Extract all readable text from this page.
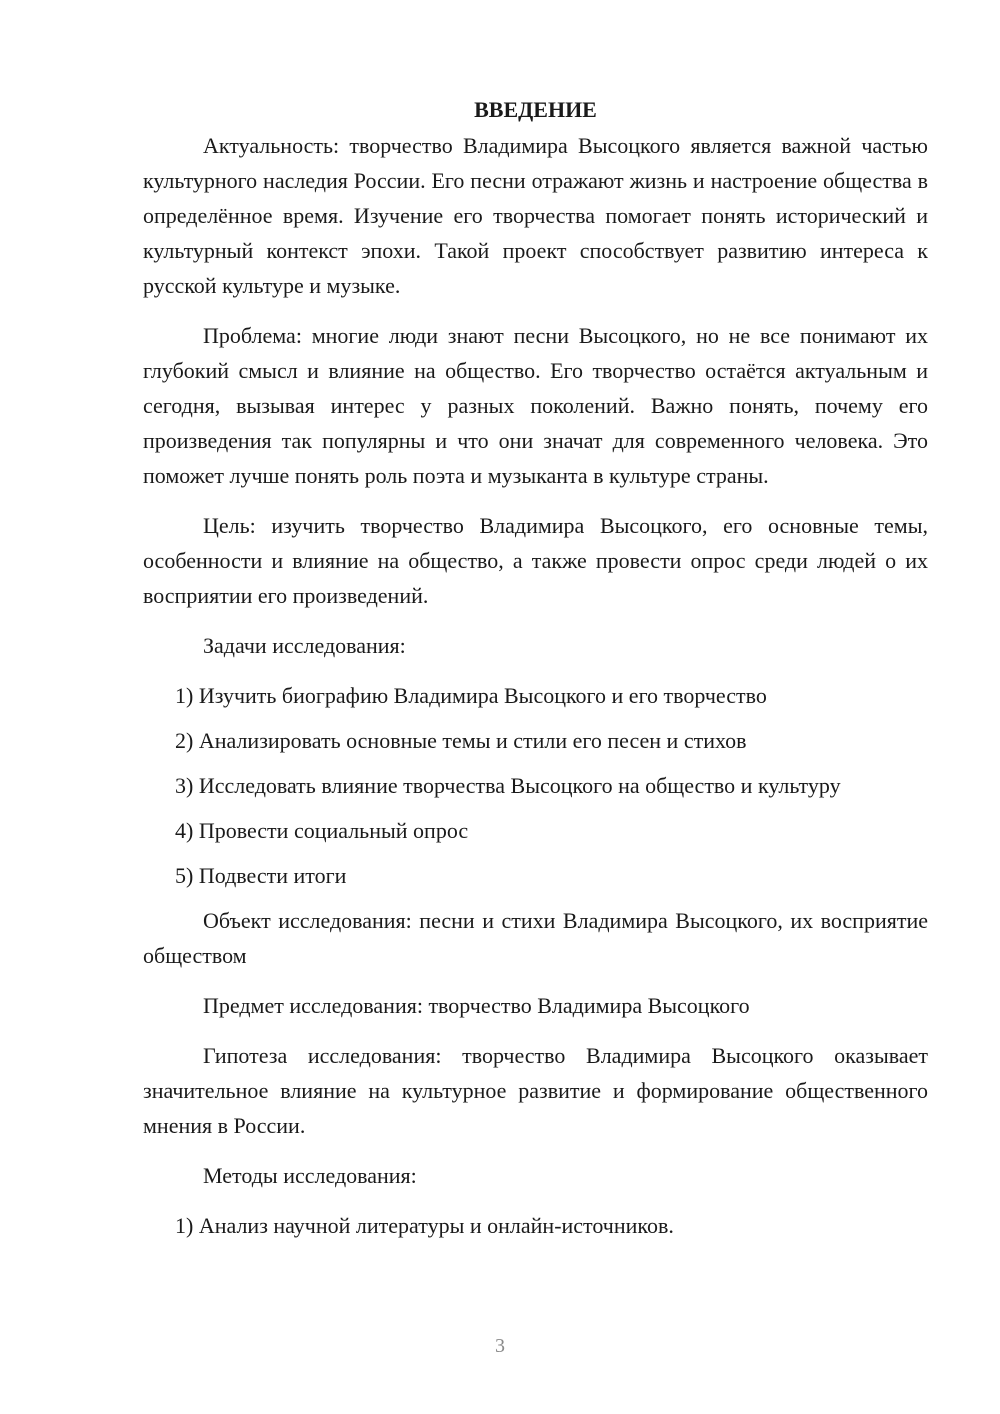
ВВЕДЕНИЕ

Актуальность: творчество Владимира Высоцкого является важной частью культурного наследия России. Его песни отражают жизнь и настроение общества в определённое время. Изучение его творчества помогает понять исторический и культурный контекст эпохи. Такой проект способствует развитию интереса к русской культуре и музыке.

Проблема: многие люди знают песни Высоцкого, но не все понимают их глубокий смысл и влияние на общество. Его творчество остаётся актуальным и сегодня, вызывая интерес у разных поколений. Важно понять, почему его произведения так популярны и что они значат для современного человека. Это поможет лучше понять роль поэта и музыканта в культуре страны.

Цель: изучить творчество Владимира Высоцкого, его основные темы, особенности и влияние на общество, а также провести опрос среди людей о их восприятии его произведений.

Задачи исследования:

1) Изучить биографию Владимира Высоцкого и его творчество

2) Анализировать основные темы и стили его песен и стихов

3) Исследовать влияние творчества Высоцкого на общество и культуру

4) Провести социальный опрос

5) Подвести итоги

Объект исследования: песни и стихи Владимира Высоцкого, их восприятие обществом

Предмет исследования: творчество Владимира Высоцкого

Гипотеза исследования: творчество Владимира Высоцкого оказывает значительное влияние на культурное развитие и формирование общественного мнения в России.

Методы исследования:

1) Анализ научной литературы и онлайн-источников.

3
